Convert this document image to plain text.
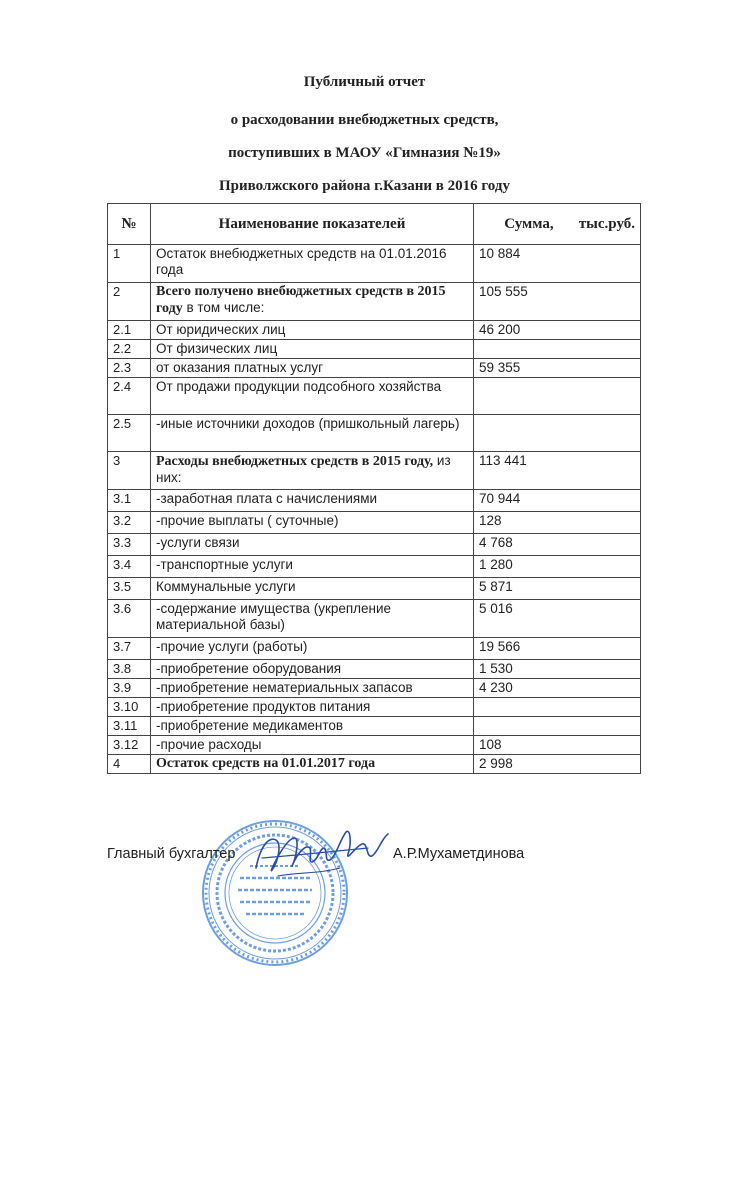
Публичный отчет
о расходовании внебюджетных средств,
поступивших в МАОУ «Гимназия №19»
Приволжского района г.Казани в 2016 году
№	Наименование показателей	Сумма, тыс.руб.

1	Остаток внебюджетных средств на 01.01.2016 года	10 884
2	Всего получено внебюджетных средств в 2015 году в том числе:	105 555
2.1	От юридических лиц	46 200
2.2	От физических лиц	
2.3	от оказания платных услуг	59 355
2.4	От продажи продукции подсобного хозяйства	
2.5	-иные источники доходов (пришкольный лагерь)	
3	Расходы внебюджетных средств в 2015 году, из них:	113 441
3.1	-заработная плата с начислениями	70 944
3.2	-прочие выплаты ( суточные)	128
3.3	-услуги связи	4 768
3.4	-транспортные услуги	1 280
3.5	Коммунальные услуги	5 871
3.6	-содержание имущества (укрепление материальной базы)	5 016
3.7	-прочие услуги (работы)	19 566
3.8	-приобретение оборудования	1 530
3.9	-приобретение нематериальных запасов	4 230
3.10	-приобретение продуктов питания	
3.11	-приобретение медикаментов	
3.12	-прочие расходы	108
4	Остаток средств на 01.01.2017 года	2 998
Главный бухгалтер	А.Р.Мухаметдинова
